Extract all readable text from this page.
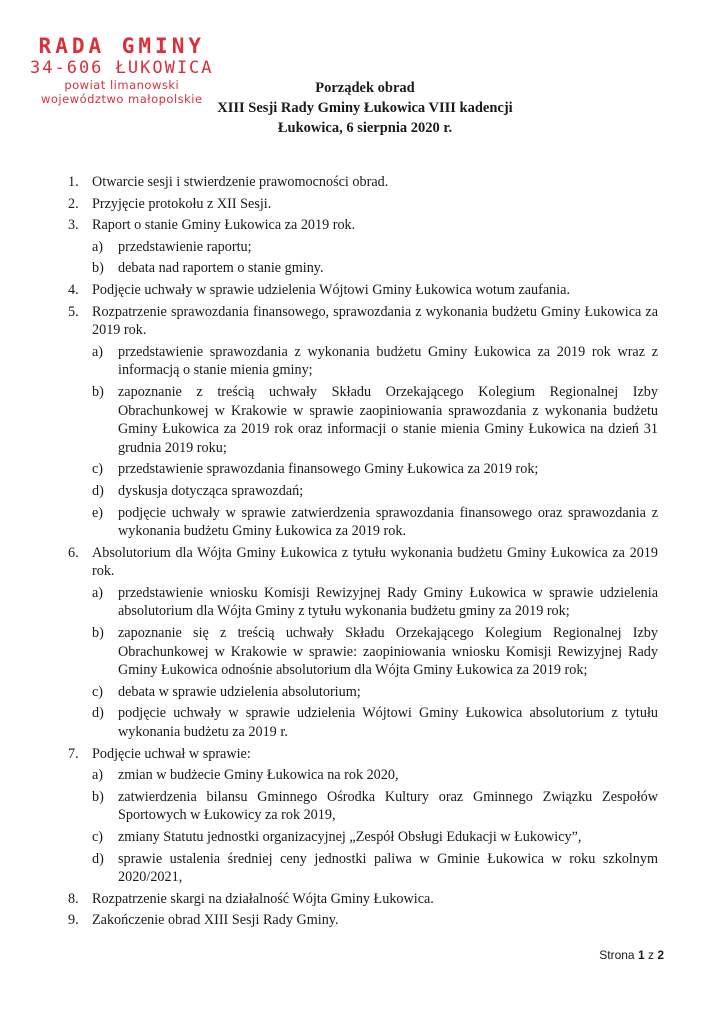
RADA GMINY
34-606 ŁUKOWICA
powiat limanowski
województwo małopolskie
Porządek obrad
XIII Sesji Rady Gminy Łukowica VIII kadencji
Łukowica, 6 sierpnia 2020 r.
1. Otwarcie sesji i stwierdzenie prawomocności obrad.
2. Przyjęcie protokołu z XII Sesji.
3. Raport o stanie Gminy Łukowica za 2019 rok.
a) przedstawienie raportu;
b) debata nad raportem o stanie gminy.
4. Podjęcie uchwały w sprawie udzielenia Wójtowi Gminy Łukowica wotum zaufania.
5. Rozpatrzenie sprawozdania finansowego, sprawozdania z wykonania budżetu Gminy Łukowica za 2019 rok.
a) przedstawienie sprawozdania z wykonania budżetu Gminy Łukowica za 2019 rok wraz z informacją o stanie mienia gminy;
b) zapoznanie z treścią uchwały Składu Orzekającego Kolegium Regionalnej Izby Obrachunkowej w Krakowie w sprawie zaopiniowania sprawozdania z wykonania budżetu Gminy Łukowica za 2019 rok oraz informacji o stanie mienia Gminy Łukowica na dzień 31 grudnia 2019 roku;
c) przedstawienie sprawozdania finansowego Gminy Łukowica za 2019 rok;
d) dyskusja dotycząca sprawozdań;
e) podjęcie uchwały w sprawie zatwierdzenia sprawozdania finansowego oraz sprawozdania z wykonania budżetu Gminy Łukowica za 2019 rok.
6. Absolutorium dla Wójta Gminy Łukowica z tytułu wykonania budżetu Gminy Łukowica za 2019 rok.
a) przedstawienie wniosku Komisji Rewizyjnej Rady Gminy Łukowica w sprawie udzielenia absolutorium dla Wójta Gminy z tytułu wykonania budżetu gminy za 2019 rok;
b) zapoznanie się z treścią uchwały Składu Orzekającego Kolegium Regionalnej Izby Obrachunkowej w Krakowie w sprawie: zaopiniowania wniosku Komisji Rewizyjnej Rady Gminy Łukowica odnośnie absolutorium dla Wójta Gminy Łukowica za 2019 rok;
c) debata w sprawie udzielenia absolutorium;
d) podjęcie uchwały w sprawie udzielenia Wójtowi Gminy Łukowica absolutorium z tytułu wykonania budżetu za 2019 r.
7. Podjęcie uchwał w sprawie:
a) zmian w budżecie Gminy Łukowica na rok 2020,
b) zatwierdzenia bilansu Gminnego Ośrodka Kultury oraz Gminnego Związku Zespołów Sportowych w Łukowicy za rok 2019,
c) zmiany Statutu jednostki organizacyjnej „Zespół Obsługi Edukacji w Łukowicy”,
d) sprawie ustalenia średniej ceny jednostki paliwa w Gminie Łukowica w roku szkolnym 2020/2021,
8. Rozpatrzenie skargi na działalność Wójta Gminy Łukowica.
9. Zakończenie obrad XIII Sesji Rady Gminy.
Strona 1 z 2
